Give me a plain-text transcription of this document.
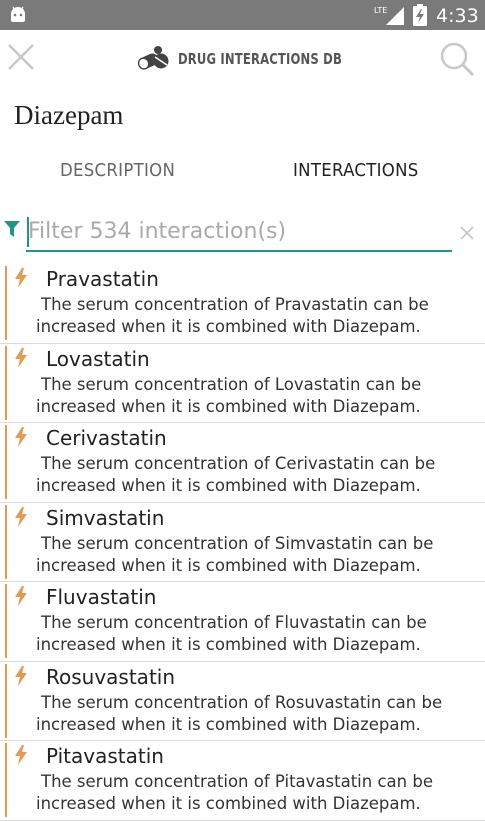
LTE	4:33
DRUG INTERACTIONS DB
Diazepam
DESCRIPTION	INTERACTIONS
Filter 534 interaction(s)
Pravastatin

The serum concentration of Pravastatin can be increased when it is combined with Diazepam.

Lovastatin

The serum concentration of Lovastatin can be increased when it is combined with Diazepam.

Cerivastatin

The serum concentration of Cerivastatin can be increased when it is combined with Diazepam.

Simvastatin

The serum concentration of Simvastatin can be increased when it is combined with Diazepam.

Fluvastatin

The serum concentration of Fluvastatin can be increased when it is combined with Diazepam.

Rosuvastatin

The serum concentration of Rosuvastatin can be increased when it is combined with Diazepam.

Pitavastatin

The serum concentration of Pitavastatin can be increased when it is combined with Diazepam.
